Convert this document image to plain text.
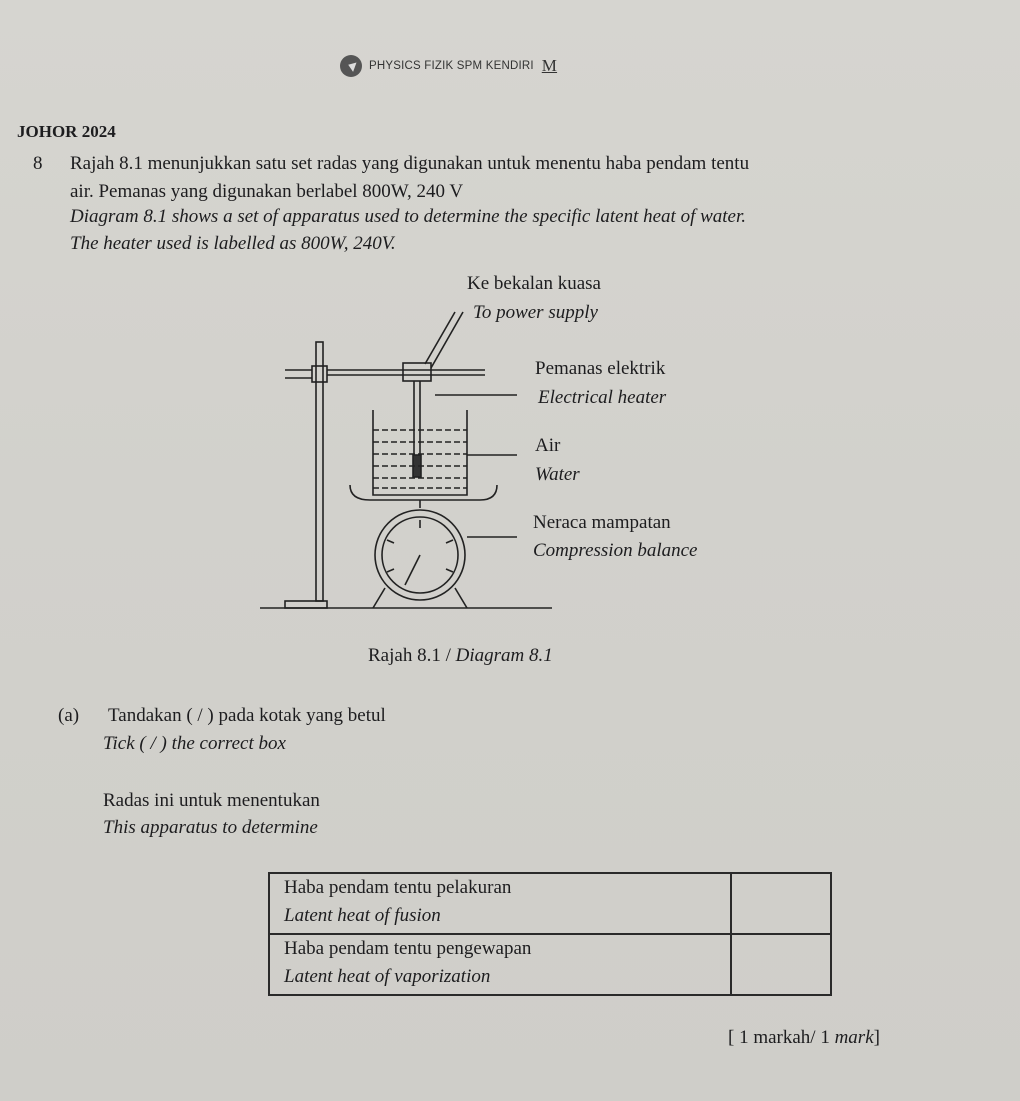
PHYSICS FIZIK SPM KENDIRI M
JOHOR 2024
8 Rajah 8.1 menunjukkan satu set radas yang digunakan untuk menentu haba pendam tentu
air. Pemanas yang digunakan berlabel 800W, 240 V
Diagram 8.1 shows a set of apparatus used to determine the specific latent heat of water.
The heater used is labelled as 800W, 240V.
Ke bekalan kuasa
To power supply
Pemanas elektrik
Electrical heater
Air
Water
Neraca mampatan
Compression balance
Rajah 8.1 / Diagram 8.1
(a) Tandakan ( / ) pada kotak yang betul
Tick ( / ) the correct box
Radas ini untuk menentukan
This apparatus to determine
Haba pendam tentu pelakuran
Latent heat of fusion	

Haba pendam tentu pengewapan
Latent heat of vaporization	

[ 1 markah/ 1 mark]
